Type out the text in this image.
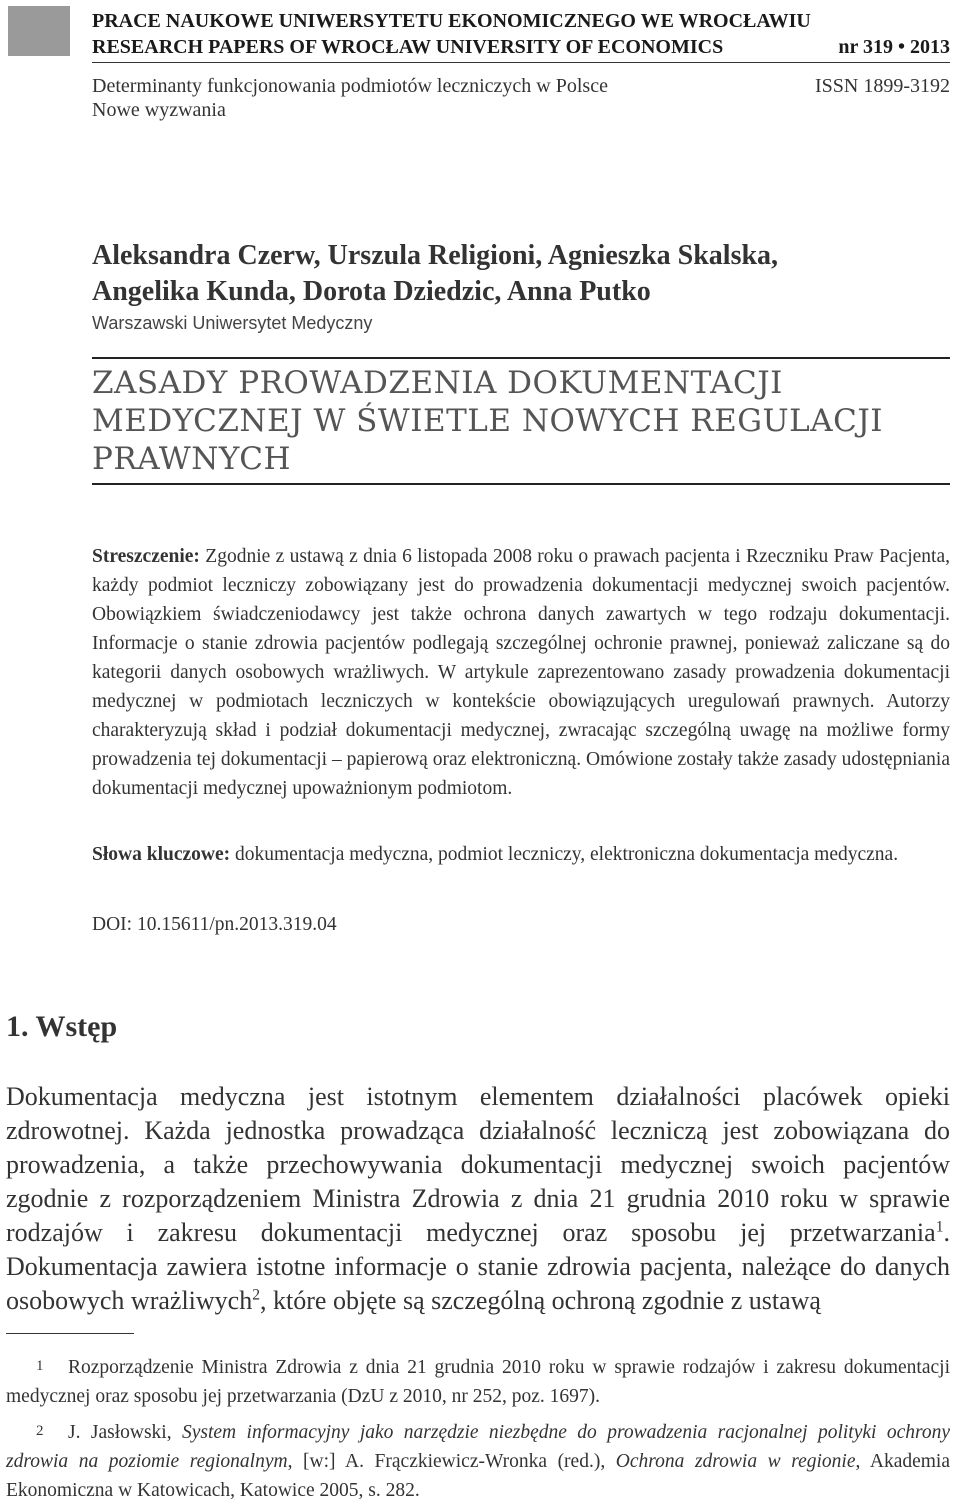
PRACE NAUKOWE UNIWERSYTETU EKONOMICZNEGO WE WROCŁAWIU
RESEARCH PAPERS OF WROCŁAW UNIVERSITY OF ECONOMICS	nr 319 • 2013
Determinanty funkcjonowania podmiotów leczniczych w Polsce	ISSN 1899-3192
Nowe wyzwania
Aleksandra Czerw, Urszula Religioni, Agnieszka Skalska,
Angelika Kunda, Dorota Dziedzic, Anna Putko
Warszawski Uniwersytet Medyczny
ZASADY PROWADZENIA DOKUMENTACJI
MEDYCZNEJ W ŚWIETLE NOWYCH REGULACJI
PRAWNYCH
Streszczenie: Zgodnie z ustawą z dnia 6 listopada 2008 roku o prawach pacjenta i Rzeczniku Praw Pacjenta, każdy podmiot leczniczy zobowiązany jest do prowadzenia dokumentacji medycznej swoich pacjentów. Obowiązkiem świadczeniodawcy jest także ochrona danych zawartych w tego rodzaju dokumentacji. Informacje o stanie zdrowia pacjentów podlegają szczególnej ochronie prawnej, ponieważ zaliczane są do kategorii danych osobowych wrażliwych. W artykule zaprezentowano zasady prowadzenia dokumentacji medycznej w podmiotach leczniczych w kontekście obowiązujących uregulowań prawnych. Autorzy charakteryzują skład i podział dokumentacji medycznej, zwracając szczególną uwagę na możliwe formy prowadzenia tej dokumentacji – papierową oraz elektroniczną. Omówione zostały także zasady udostępniania dokumentacji medycznej upoważnionym podmiotom.
Słowa kluczowe: dokumentacja medyczna, podmiot leczniczy, elektroniczna dokumentacja medyczna.
DOI: 10.15611/pn.2013.319.04
1. Wstęp
Dokumentacja medyczna jest istotnym elementem działalności placówek opieki zdrowotnej. Każda jednostka prowadząca działalność leczniczą jest zobowiązana do prowadzenia, a także przechowywania dokumentacji medycznej swoich pacjentów zgodnie z rozporządzeniem Ministra Zdrowia z dnia 21 grudnia 2010 roku w sprawie rodzajów i zakresu dokumentacji medycznej oraz sposobu jej przetwarzania$^1$. Dokumentacja zawiera istotne informacje o stanie zdrowia pacjenta, należące do danych osobowych wrażliwych$^2$, które objęte są szczególną ochroną zgodnie z ustawą
1 Rozporządzenie Ministra Zdrowia z dnia 21 grudnia 2010 roku w sprawie rodzajów i zakresu dokumentacji medycznej oraz sposobu jej przetwarzania (DzU z 2010, nr 252, poz. 1697).
2 J. Jasłowski, System informacyjny jako narzędzie niezbędne do prowadzenia racjonalnej polityki ochrony zdrowia na poziomie regionalnym, [w:] A. Frączkiewicz-Wronka (red.), Ochrona zdrowia w regionie, Akademia Ekonomiczna w Katowicach, Katowice 2005, s. 282.
